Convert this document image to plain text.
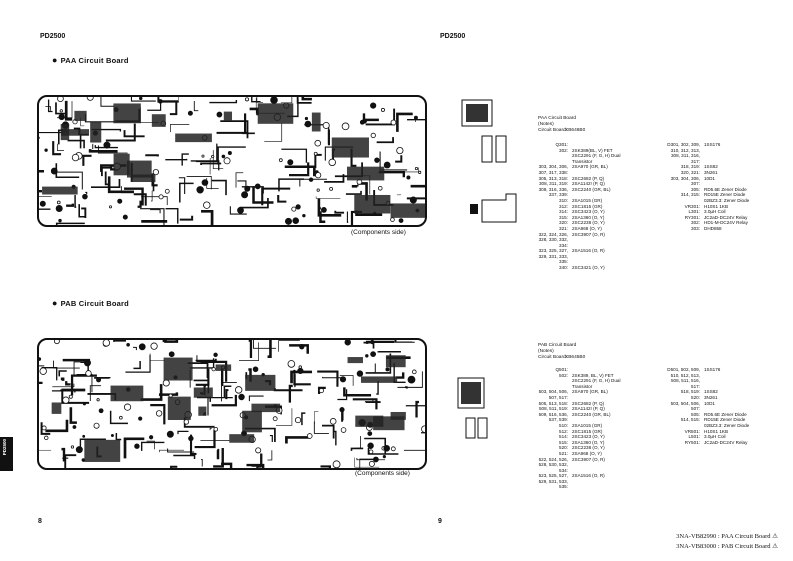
PD2500	PD2500
● PAA Circuit Board
(Components side)
PAA Circuit Board
(Notes)
Circuit Board:
XB646B0
Q301:
302: 2SK389(BL, V) FET
2SC2291 (F, G, H) Dual
Transistor
303, 304, 306,
307, 317, 338:
2SA970 (GR, BL)
305, 313, 318: 2SC2682 (P, Q)
308, 311, 319: 2SA1142! (P, Q)
309, 316, 336,
337, 339:
2SC2240 (GR, BL)
310: 2SA1015 (GR)
312: 2SC1815 (GR)
314: 2SC3423 (O, Y)
315: 2SA1360 (O, Y)
320: 2SC2238 (O, Y)
321: 2SA968 (O, Y)
322, 324, 326,
328, 330, 332,
334:
2SC3907 (O, R)
323, 325, 327,
329, 331, 333,
335:
2SA1516 (O, R)
340: 2SC3421 (O, Y)
D301, 302, 309,
310, 312, 313,
308, 311, 316,
317:
1SS176
318, 319: 1SS82
320, 321: 3N261
303, 304, 306,
307:
10D1
305: RD5.6E Zener Diode
314, 315: RD15E Zener Diode
02BZ3.3: Zener Diode
VR301: H10S1 1KB
L301: 3.0µH Coil
RY301:
302:
303:
JC2aD-DC24V Relay
HD1-M-DC24V Relay
DHD858
● PAB Circuit Board
(Components side)
PAB Circuit Board
(Notes)
Circuit Board:
XB645B0
Q501:
502: 2SK389, BL, V) FET
2SC2291 (F, G, H) Dual
Transistor
503, 504, 506,
507, 517:
2SA970 (GR, BL)
505, 513, 518: 2SC2682 (P, Q)
508, 511, 519: 2SA1142! (P, Q)
509, 516, 536,
537, 539:
2SC2240 (GR, BL)
510: 2SA1015 (GR)
512: 2SC1815 (GR)
514: 2SC3423 (O, Y)
515: 2SA1360 (O, Y)
520: 2SC2238 (O, Y)
521: 2SA968 (O, Y)
522, 524, 526,
528, 530, 532,
534:
2SC3907 (O, R)
523, 525, 527,
529, 531, 533,
535:
2SA1516 (O, R)
D501, 502, 509,
510, 512, 513,
508, 511, 516,
517:
1SS176
518, 519: 1SS82
520: 3N261
503, 504, 506,
507:
10D1
505: RD5.6E Zener Diode
514, 515: RD15E Zener Diode
02BZ3.3: Zener Diode
VR501: H10S1 1KB
L501: 3.0µH Coil
RY501: JC2aD-DC24V Relay
PD2500
8	9
3NA-VB82990 : PAA Circuit Board ⚠
3NA-VB83000 : PAB Circuit Board ⚠
